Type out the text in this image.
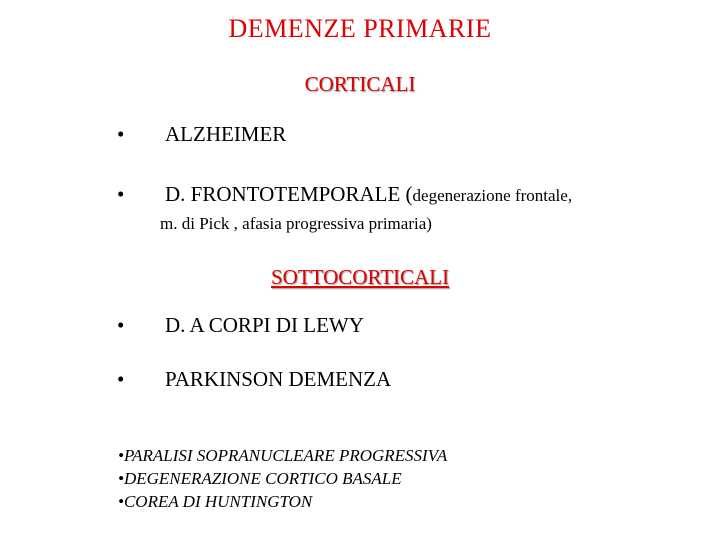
DEMENZE PRIMARIE
CORTICALI
• ALZHEIMER
• D. FRONTOTEMPORALE (degenerazione frontale,
m. di Pick , afasia progressiva primaria)
SOTTOCORTICALI
• D. A CORPI DI LEWY
• PARKINSON DEMENZA
•PARALISI SOPRANUCLEARE PROGRESSIVA
•DEGENERAZIONE CORTICO BASALE
•COREA DI HUNTINGTON
